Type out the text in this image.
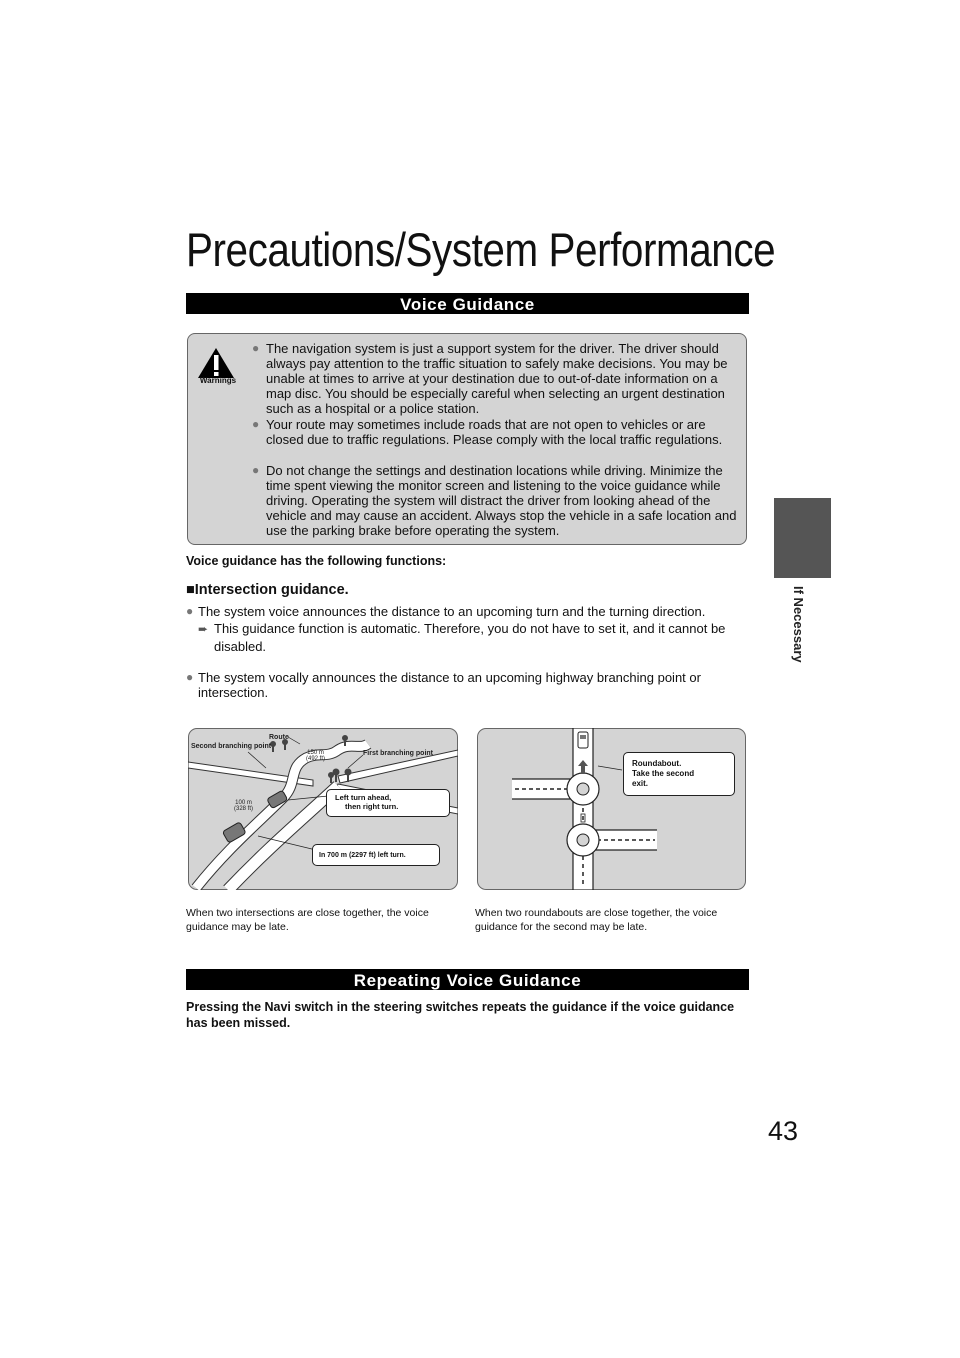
Precautions/System Performance
If Necessary
Voice Guidance
Warnings
● The navigation system is just a support system for the driver. The driver should always pay attention to the traffic situation to safely make decisions. You may be unable at times to arrive at your destination due to out-of-date information on a map disc. You should be especially careful when selecting an urgent destination such as a hospital or a police station.
● Your route may sometimes include roads that are not open to vehicles or are closed due to traffic regulations. Please comply with the local traffic regulations.
● Do not change the settings and destination locations while driving. Minimize the time spent viewing the monitor screen and listening to the voice guidance while driving. Operating the system will distract the driver from looking ahead of the vehicle and may cause an accident. Always stop the vehicle in a safe location and use the parking brake before operating the system.
Voice guidance has the following functions:
■Intersection guidance.
● The system voice announces the distance to an upcoming turn and the turning direction.
➨ This guidance function is automatic. Therefore, you do not have to set it, and it cannot be disabled.
● The system vocally announces the distance to an upcoming highway branching point or intersection.
Route
Second branching point
First branching point
150 m
(492 ft)
100 m
(328 ft)
Left turn ahead,
then right turn.
In 700 m (2297 ft) left turn.
Roundabout.
Take the second
exit.
When two intersections are close together, the voice guidance may be late.
When two roundabouts are close together, the voice guidance for the second may be late.
Repeating Voice Guidance
Pressing the Navi switch in the steering switches repeats the guidance if the voice guidance has been missed.
43
